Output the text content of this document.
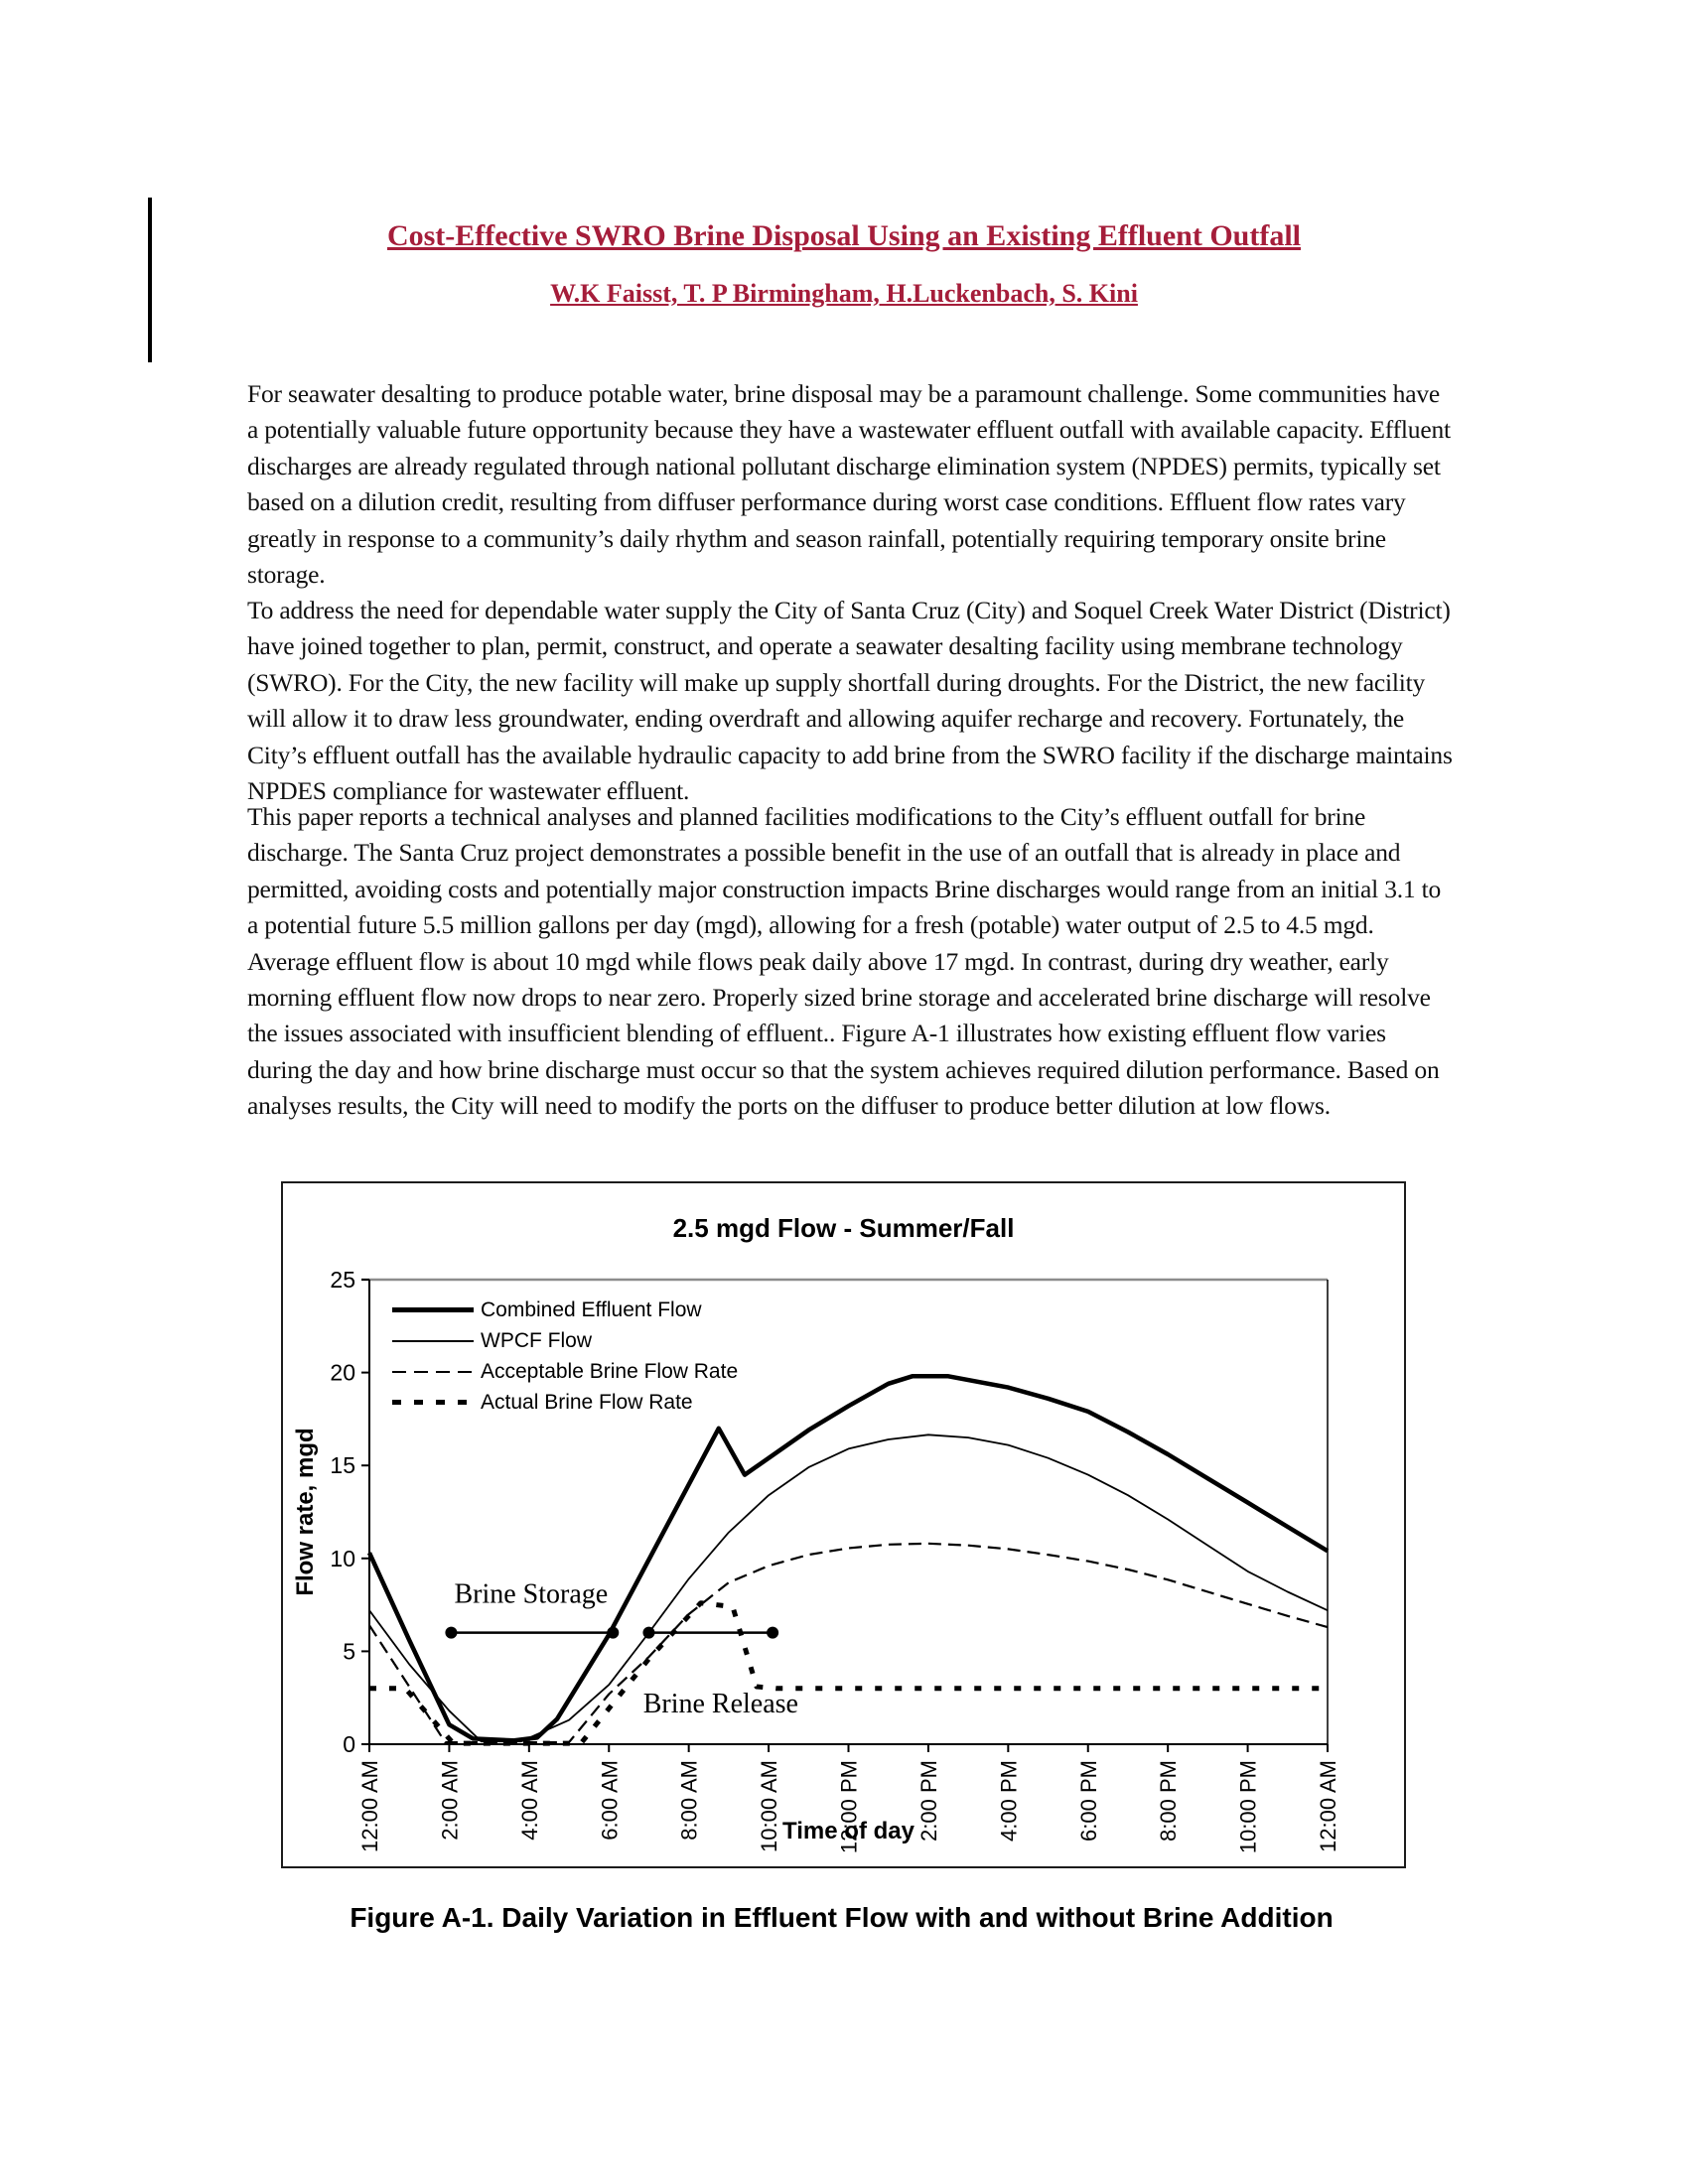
Cost-Effective SWRO Brine Disposal Using an Existing Effluent Outfall
W.K Faisst, T. P Birmingham, H.Luckenbach, S. Kini
For seawater desalting to produce potable water, brine disposal may be a paramount challenge. Some communities have a potentially valuable future opportunity because they have a wastewater effluent outfall with available capacity. Effluent discharges are already regulated through national pollutant discharge elimination system (NPDES) permits, typically set based on a dilution credit, resulting from diffuser performance during worst case conditions. Effluent flow rates vary greatly in response to a community’s daily rhythm and season rainfall, potentially requiring temporary onsite brine storage.
To address the need for dependable water supply the City of Santa Cruz (City) and Soquel Creek Water District (District) have joined together to plan, permit, construct, and operate a seawater desalting facility using membrane technology (SWRO). For the City, the new facility will make up supply shortfall during droughts. For the District, the new facility will allow it to draw less groundwater, ending overdraft and allowing aquifer recharge and recovery. Fortunately, the City’s effluent outfall has the available hydraulic capacity to add brine from the SWRO facility if the discharge maintains NPDES compliance for wastewater effluent.
This paper reports a technical analyses and planned facilities modifications to the City’s effluent outfall for brine discharge. The Santa Cruz project demonstrates a possible benefit in the use of an outfall that is already in place and permitted, avoiding costs and potentially major construction impacts Brine discharges would range from an initial 3.1 to a potential future 5.5 million gallons per day (mgd), allowing for a fresh (potable) water output of 2.5 to 4.5 mgd. Average effluent flow is about 10 mgd while flows peak daily above 17 mgd. In contrast, during dry weather, early morning effluent flow now drops to near zero. Properly sized brine storage and accelerated brine discharge will resolve the issues associated with insufficient blending of effluent.. Figure A-1 illustrates how existing effluent flow varies during the day and how brine discharge must occur so that the system achieves required dilution performance. Based on analyses results, the City will need to modify the ports on the diffuser to produce better dilution at low flows.
0
5
10
15
20
25
12:00 AM	2:00 AM	4:00 AM	6:00 AM	8:00 AM	10:00 AM	12:00 PM	2:00 PM	4:00 PM	6:00 PM	8:00 PM	10:00 PM	12:00 AM
Time of day
Flow rate, mgd	Brine Storage
Brine Release
2.5 mgd Flow - Summer/Fall
Combined Effluent Flow
WPCF Flow
Acceptable Brine Flow Rate
Actual Brine Flow Rate
Figure A-1. Daily Variation in Effluent Flow with and without Brine Addition
